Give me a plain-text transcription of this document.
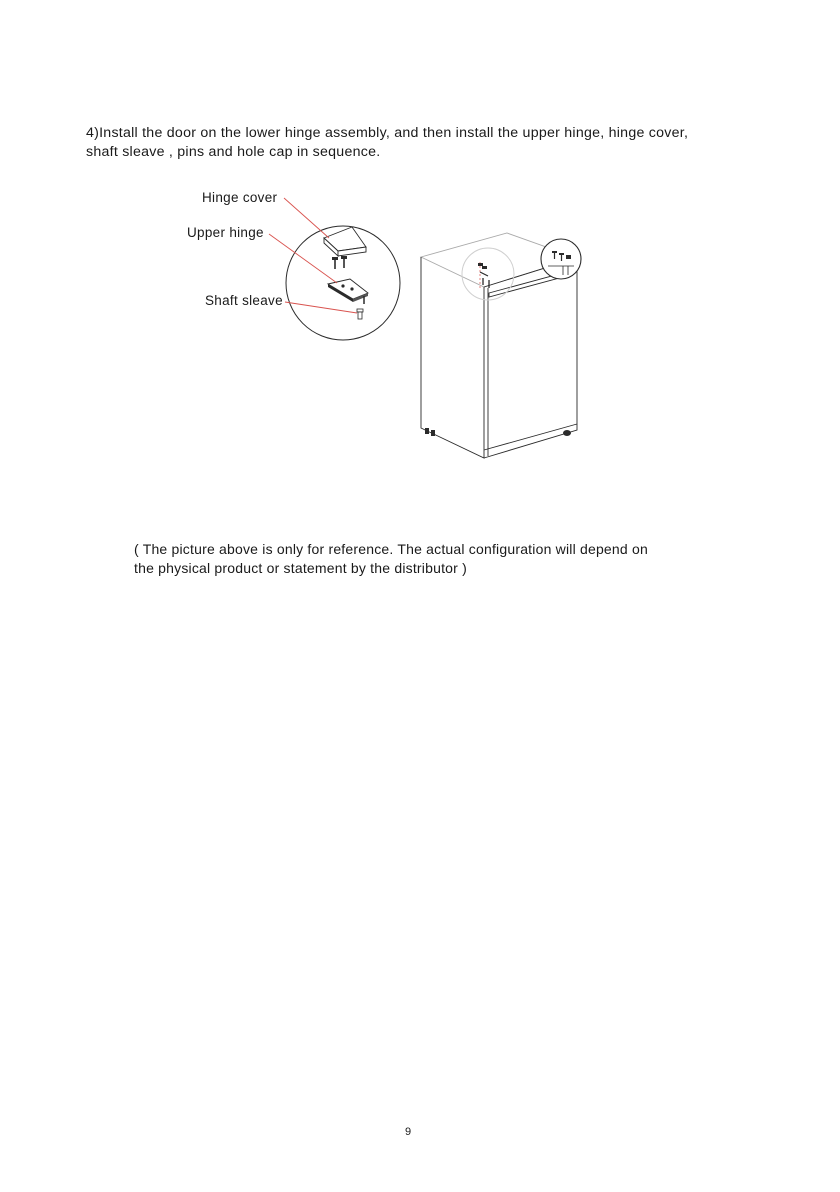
4)Install the door on the lower hinge assembly, and then install the upper hinge, hinge cover,
shaft sleave , pins and hole cap in sequence.

Hinge cover
Upper hinge
Shaft sleave

( The picture above is only for reference. The actual configuration will depend on
the physical product or statement by the distributor )

9
